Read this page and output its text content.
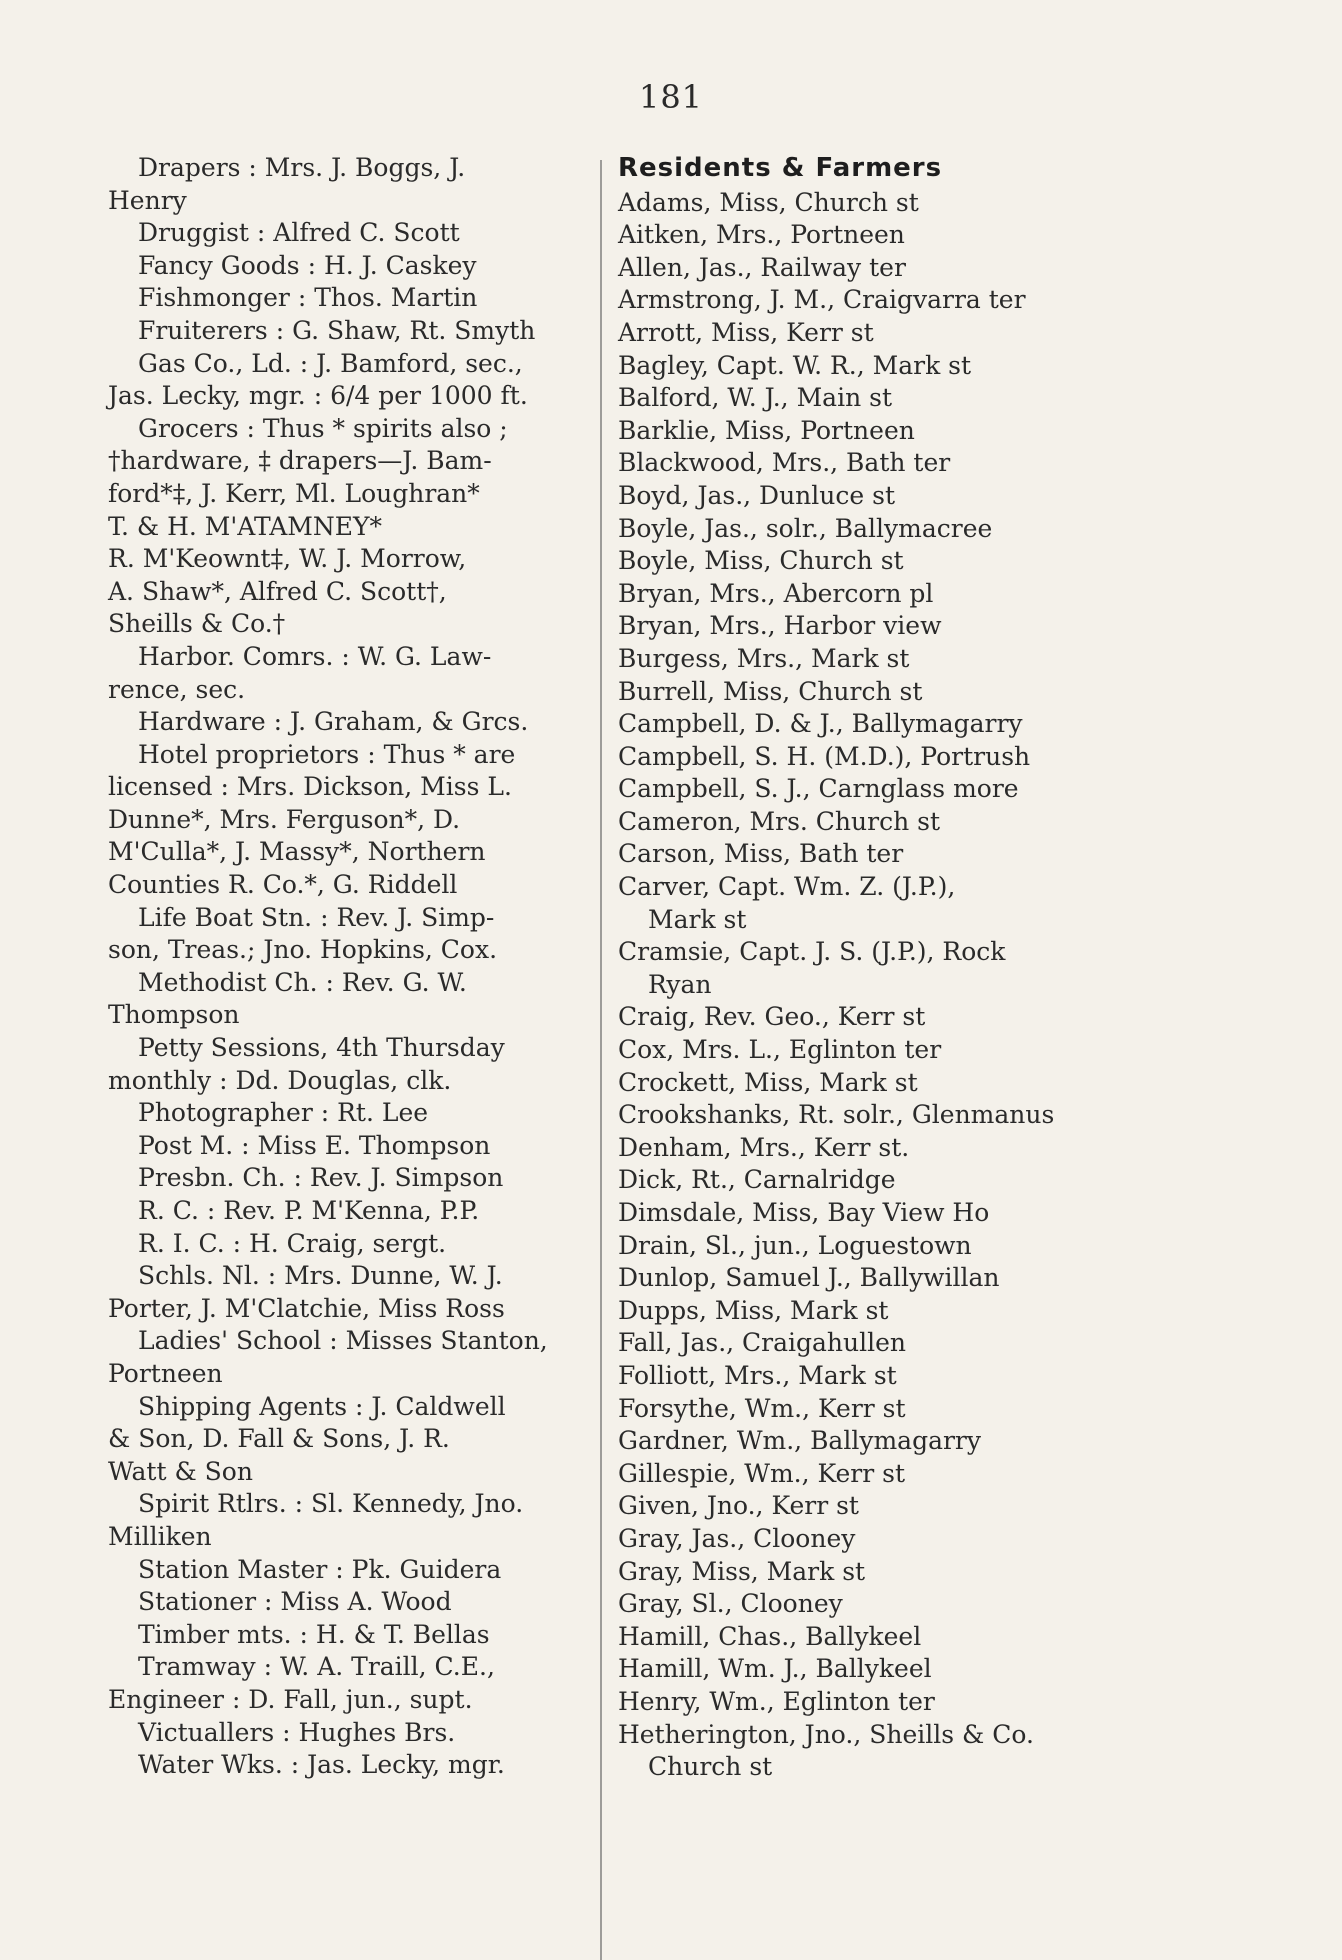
181
Drapers : Mrs. J. Boggs, J.
Henry
Druggist : Alfred C. Scott
Fancy Goods : H. J. Caskey
Fishmonger : Thos. Martin
Fruiterers : G. Shaw, Rt. Smyth
Gas Co., Ld. : J. Bamford, sec.,
Jas. Lecky, mgr. : 6/4 per 1000 ft.
Grocers : Thus * spirits also ;
†hardware, ‡ drapers—J. Bam-
ford*‡, J. Kerr, Ml. Loughran*
T. & H. M'ATAMNEY*
R. M'Keownt‡, W. J. Morrow,
A. Shaw*, Alfred C. Scott†,
Sheills & Co.†
Harbor. Comrs. : W. G. Law-
rence, sec.
Hardware : J. Graham, & Grcs.
Hotel proprietors : Thus * are
licensed : Mrs. Dickson, Miss L.
Dunne*, Mrs. Ferguson*, D.
M'Culla*, J. Massy*, Northern
Counties R. Co.*, G. Riddell
Life Boat Stn. : Rev. J. Simp-
son, Treas.; Jno. Hopkins, Cox.
Methodist Ch. : Rev. G. W.
Thompson
Petty Sessions, 4th Thursday
monthly : Dd. Douglas, clk.
Photographer : Rt. Lee
Post M. : Miss E. Thompson
Presbn. Ch. : Rev. J. Simpson
R. C. : Rev. P. M'Kenna, P.P.
R. I. C. : H. Craig, sergt.
Schls. Nl. : Mrs. Dunne, W. J.
Porter, J. M'Clatchie, Miss Ross
Ladies' School : Misses Stanton,
Portneen
Shipping Agents : J. Caldwell
& Son, D. Fall & Sons, J. R.
Watt & Son
Spirit Rtlrs. : Sl. Kennedy, Jno.
Milliken
Station Master : Pk. Guidera
Stationer : Miss A. Wood
Timber mts. : H. & T. Bellas
Tramway : W. A. Traill, C.E.,
Engineer : D. Fall, jun., supt.
Victuallers : Hughes Brs.
Water Wks. : Jas. Lecky, mgr.
Residents & Farmers
Adams, Miss, Church st
Aitken, Mrs., Portneen
Allen, Jas., Railway ter
Armstrong, J. M., Craigvarra ter
Arrott, Miss, Kerr st
Bagley, Capt. W. R., Mark st
Balford, W. J., Main st
Barklie, Miss, Portneen
Blackwood, Mrs., Bath ter
Boyd, Jas., Dunluce st
Boyle, Jas., solr., Ballymacree
Boyle, Miss, Church st
Bryan, Mrs., Abercorn pl
Bryan, Mrs., Harbor view
Burgess, Mrs., Mark st
Burrell, Miss, Church st
Campbell, D. & J., Ballymagarry
Campbell, S. H. (M.D.), Portrush
Campbell, S. J., Carnglass more
Cameron, Mrs. Church st
Carson, Miss, Bath ter
Carver, Capt. Wm. Z. (J.P.),
Mark st
Cramsie, Capt. J. S. (J.P.), Rock
Ryan
Craig, Rev. Geo., Kerr st
Cox, Mrs. L., Eglinton ter
Crockett, Miss, Mark st
Crookshanks, Rt. solr., Glenmanus
Denham, Mrs., Kerr st.
Dick, Rt., Carnalridge
Dimsdale, Miss, Bay View Ho
Drain, Sl., jun., Loguestown
Dunlop, Samuel J., Ballywillan
Dupps, Miss, Mark st
Fall, Jas., Craigahullen
Folliott, Mrs., Mark st
Forsythe, Wm., Kerr st
Gardner, Wm., Ballymagarry
Gillespie, Wm., Kerr st
Given, Jno., Kerr st
Gray, Jas., Clooney
Gray, Miss, Mark st
Gray, Sl., Clooney
Hamill, Chas., Ballykeel
Hamill, Wm. J., Ballykeel
Henry, Wm., Eglinton ter
Hetherington, Jno., Sheills & Co.
Church st
